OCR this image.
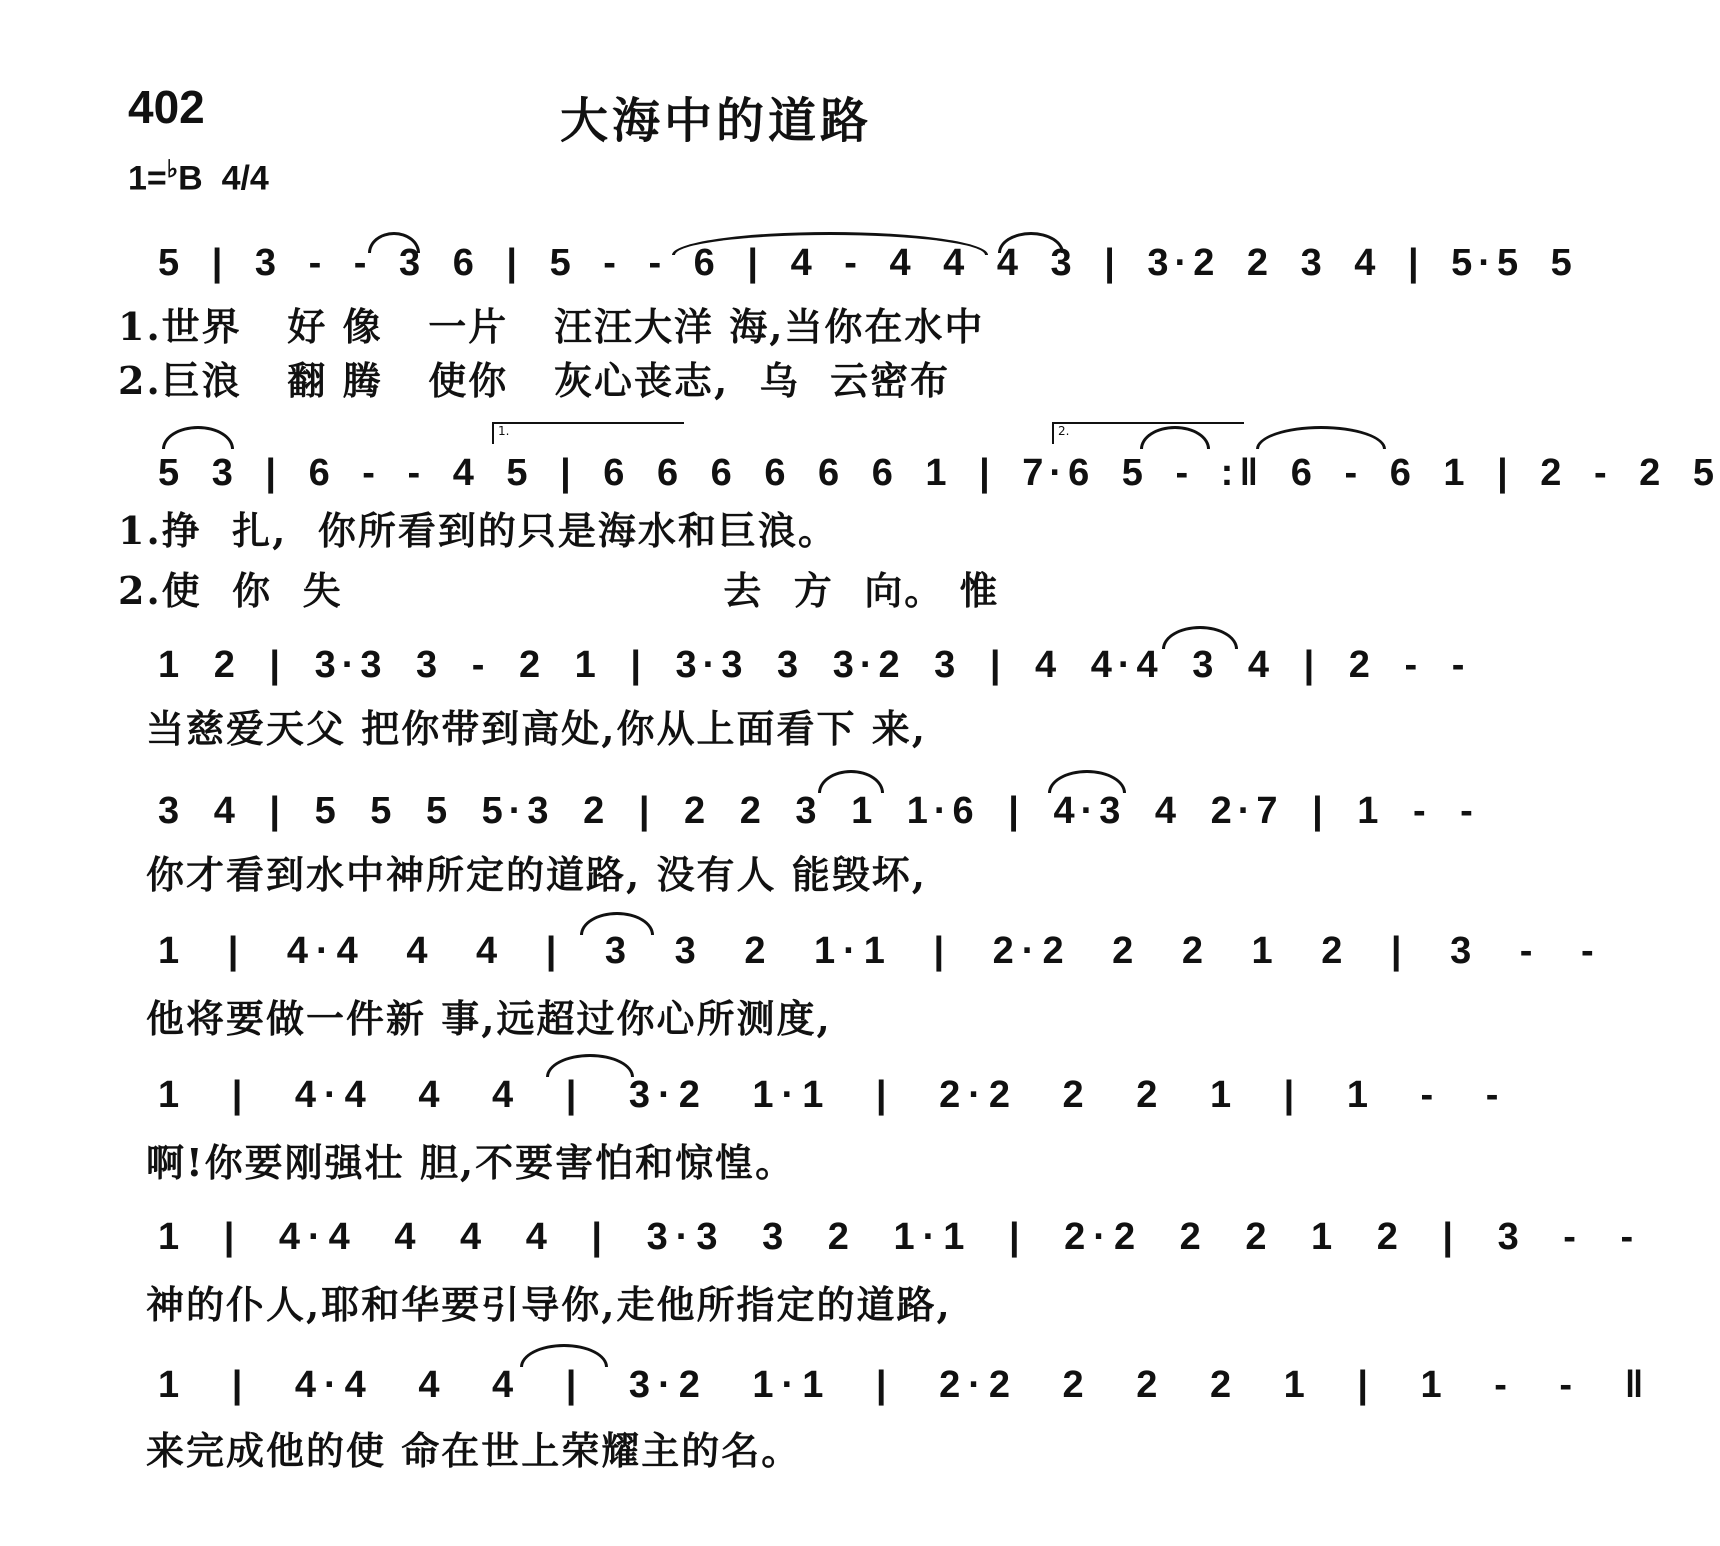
402	大海中的道路
1=♭B 4/4
5 | 3 - - 3 6 | 5 - - 6 | 4 - 4 4 4 3 | 3·2 2 3 4 | 5·5 5
1.世界   好 像   一片   汪汪大洋 海,当你在水中
2.巨浪   翻 腾   使你   灰心丧志,  乌  云密布
1.	2.
5 3 | 6 - - 4 5 | 6 6 6 6 6 6 1 | 7·6 5 - :‖ 6 - 6 1 | 2 - 2 5
1.挣  扎,  你所看到的只是海水和巨浪。
2.使  你  失                         去  方  向。 惟
1 2 | 3·3 3 - 2 1 | 3·3 3 3·2 3 | 4 4·4 3 4 | 2 - -
当慈爱天父 把你带到高处,你从上面看下 来,
3 4 | 5 5 5 5·3 2 | 2 2 3 1 1·6 | 4·3 4 2·7 | 1 - -
你才看到水中神所定的道路, 没有人 能毁坏,
1 | 4·4 4 4 | 3 3 2 1·1 | 2·2 2 2 1 2 | 3 - -
他将要做一件新 事,远超过你心所测度,
1 | 4·4 4 4 | 3·2 1·1 | 2·2 2 2 1 | 1 - -
啊!你要刚强壮 胆,不要害怕和惊惶。
1 | 4·4 4 4 4 | 3·3 3 2 1·1 | 2·2 2 2 1 2 | 3 - -
神的仆人,耶和华要引导你,走他所指定的道路,
1 | 4·4 4 4 | 3·2 1·1 | 2·2 2 2 2 1 | 1 - - ‖
来完成他的使 命在世上荣耀主的名。
